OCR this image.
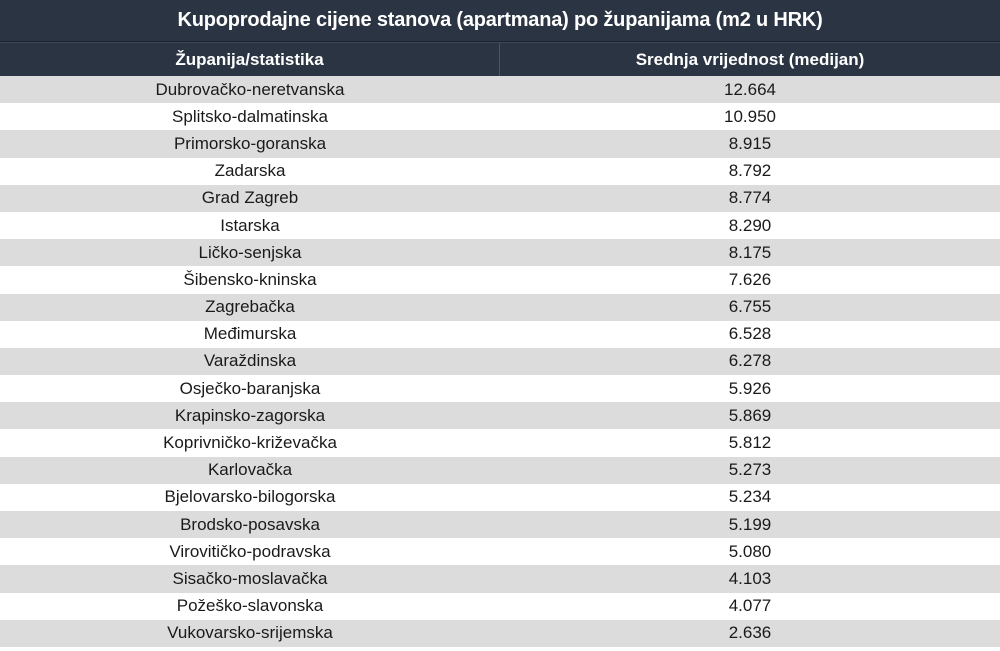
Kupoprodajne cijene stanova (apartmana) po županijama (m2 u HRK)
Županija/statistika	Srednja vrijednost (medijan)
Dubrovačko-neretvanska	12.664
Splitsko-dalmatinska	10.950
Primorsko-goranska	8.915
Zadarska	8.792
Grad Zagreb	8.774
Istarska	8.290
Ličko-senjska	8.175
Šibensko-kninska	7.626
Zagrebačka	6.755
Međimurska	6.528
Varaždinska	6.278
Osječko-baranjska	5.926
Krapinsko-zagorska	5.869
Koprivničko-križevačka	5.812
Karlovačka	5.273
Bjelovarsko-bilogorska	5.234
Brodsko-posavska	5.199
Virovitičko-podravska	5.080
Sisačko-moslavačka	4.103
Požeško-slavonska	4.077
Vukovarsko-srijemska	2.636
